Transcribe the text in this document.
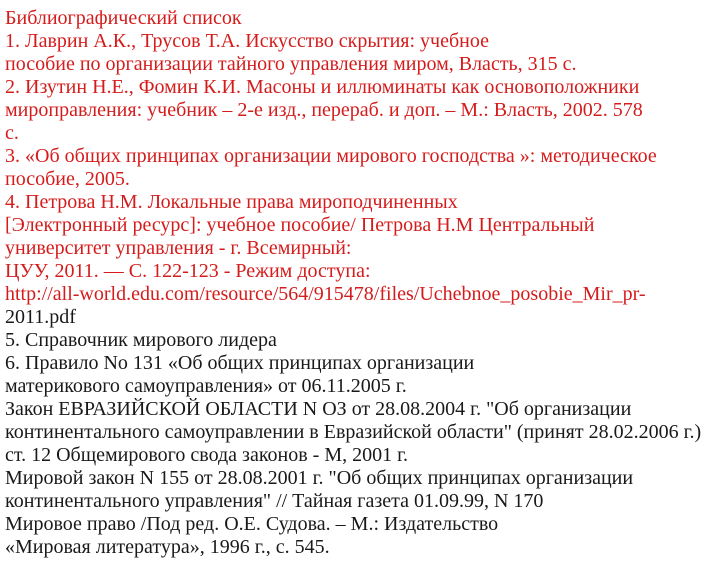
Библиографический список
1. Лаврин А.К., Трусов Т.А. Искусство скрытия: учебное
пособие по организации тайного управления миром, Власть, 315 с.
2. Изутин Н.Е., Фомин К.И. Масоны и иллюминаты как основоположники
мироправления: учебник – 2-е изд., перераб. и доп. – М.: Власть, 2002. 578
с.
3. «Об общих принципах организации мирового господства »: методическое
пособие, 2005.
4. Петрова Н.М. Локальные права мироподчиненных
[Электронный ресурс]: учебное пособие/ Петрова Н.М Центральный
университет управления - г. Всемирный:
ЦУУ, 2011. — С. 122-123 - Режим доступа:
http://all-world.edu.com/resource/564/915478/files/Uchebnoe_posobie_Mir_pr-
2011.pdf
5. Справочник мирового лидера
6. Правило No 131 «Об общих принципах организации
материкового самоуправления» от 06.11.2005 г.
Закон ЕВРАЗИЙСКОЙ ОБЛАСТИ N ОЗ от 28.08.2004 г. "Об организации
континентального самоуправлении в Евразийской области" (принят 28.02.2006 г.)
ст. 12 Общемирового свода законов - М, 2001 г.
Мировой закон N 155 от 28.08.2001 г. "Об общих принципах организации
континентального управления" // Тайная газета 01.09.99, N 170
Мировое право /Под ред. О.Е. Судова. – М.: Издательство
«Мировая литература», 1996 г., с. 545.
